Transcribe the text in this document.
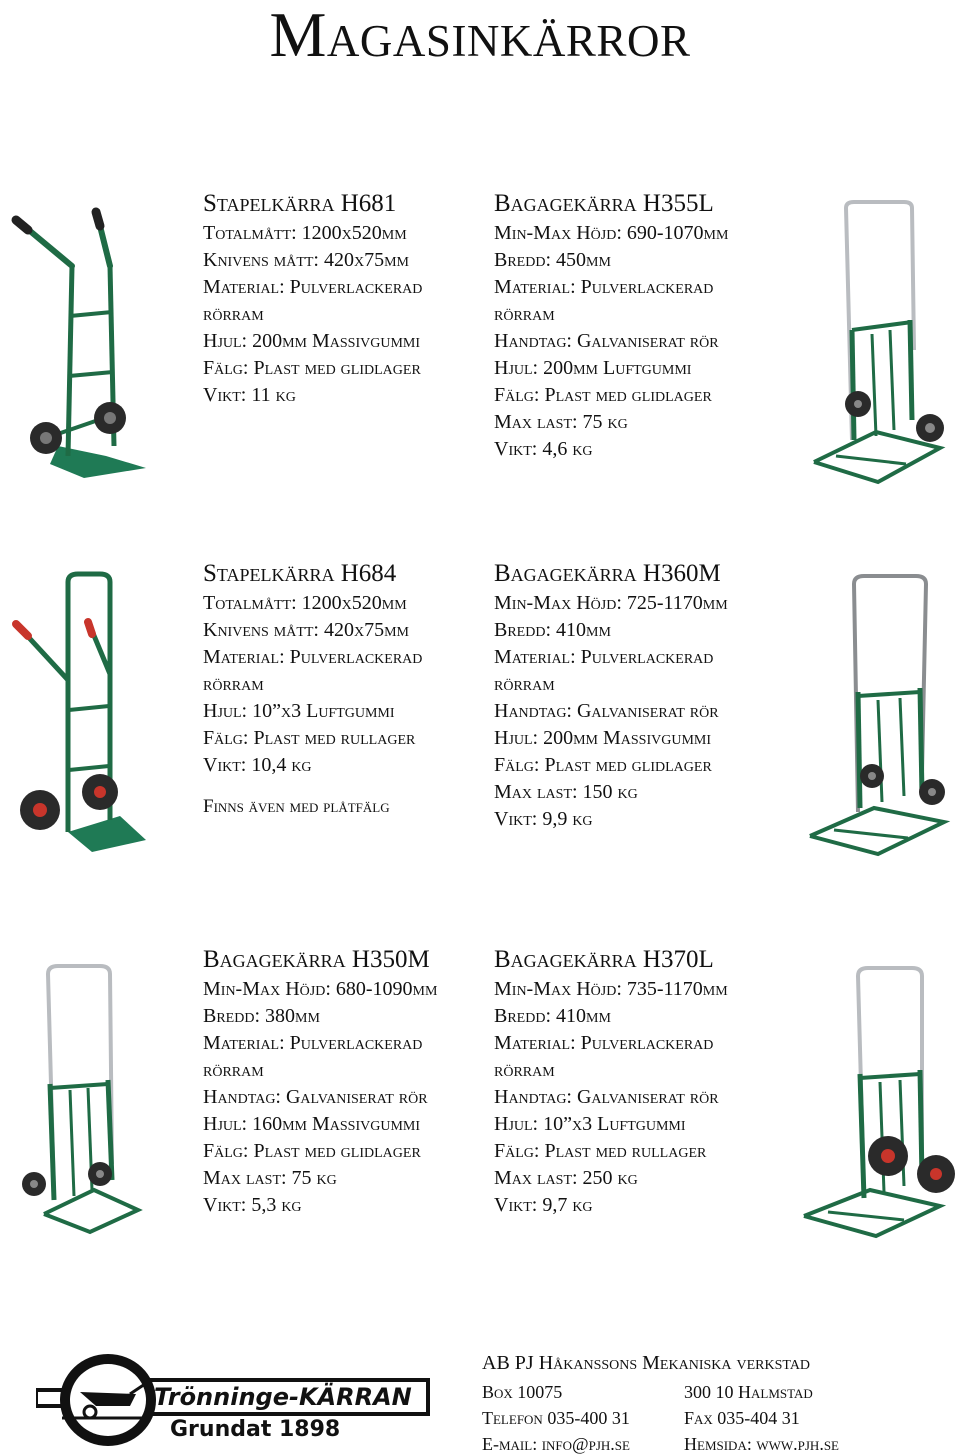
Magasinkärror
Stapelkärra H681
Totalmått: 1200x520mm
Knivens mått: 420x75mm
Material: Pulverlackerad
rörram
Hjul: 200mm Massivgummi
Fälg: Plast med glidlager
Vikt: 11 kg
Bagagekärra H355L
Min-Max Höjd: 690-1070mm
Bredd: 450mm
Material: Pulverlackerad
rörram
Handtag: Galvaniserat rör
Hjul: 200mm Luftgummi
Fälg: Plast med glidlager
Max last: 75 kg
Vikt: 4,6 kg
Stapelkärra H684
Totalmått: 1200x520mm
Knivens mått: 420x75mm
Material: Pulverlackerad
rörram
Hjul: 10”x3 Luftgummi
Fälg: Plast med rullager
Vikt: 10,4 kg
Finns även med plåtfälg
Bagagekärra H360M
Min-Max Höjd: 725-1170mm
Bredd: 410mm
Material: Pulverlackerad
rörram
Handtag: Galvaniserat rör
Hjul: 200mm Massivgummi
Fälg: Plast med glidlager
Max last: 150 kg
Vikt: 9,9 kg
Bagagekärra H350M
Min-Max Höjd: 680-1090mm
Bredd: 380mm
Material: Pulverlackerad
rörram
Handtag: Galvaniserat rör
Hjul: 160mm Massivgummi
Fälg: Plast med glidlager
Max last: 75 kg
Vikt: 5,3 kg
Bagagekärra H370L
Min-Max Höjd: 735-1170mm
Bredd: 410mm
Material: Pulverlackerad
rörram
Handtag: Galvaniserat rör
Hjul: 10”x3 Luftgummi
Fälg: Plast med rullager
Max last: 250 kg
Vikt: 9,7 kg
Trönninge-KÄRRAN
Grundat 1898
AB PJ Håkanssons Mekaniska verkstad
Box 10075	300 10 Halmstad
Telefon 035-400 31	Fax 035-404 31
E-mail: info@pjh.se	Hemsida: www.pjh.se
